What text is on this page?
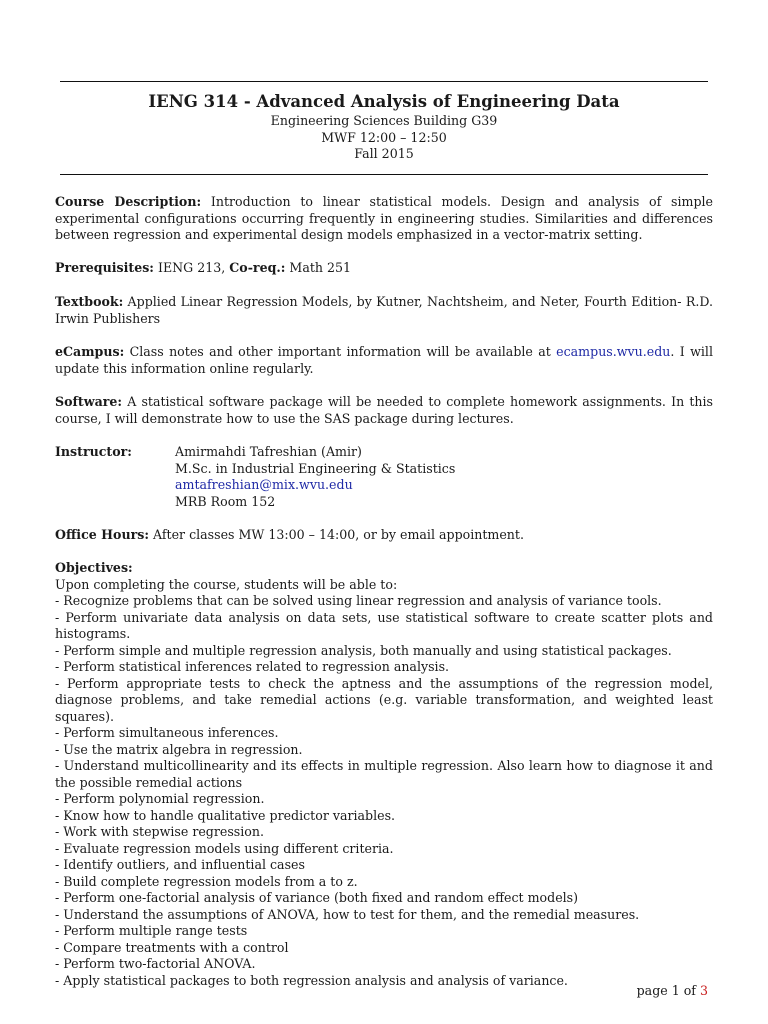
IENG 314 - Advanced Analysis of Engineering Data
Engineering Sciences Building G39
MWF 12:00 – 12:50
Fall 2015
Course Description: Introduction to linear statistical models. Design and analysis of simple experimental configurations occurring frequently in engineering studies. Similarities and differences between regression and experimental design models emphasized in a vector-matrix setting.
Prerequisites: IENG 213, Co-req.: Math 251
Textbook: Applied Linear Regression Models, by Kutner, Nachtsheim, and Neter, Fourth Edition- R.D. Irwin Publishers
eCampus: Class notes and other important information will be available at ecampus.wvu.edu. I will update this information online regularly.
Software: A statistical software package will be needed to complete homework assignments. In this course, I will demonstrate how to use the SAS package during lectures.
Instructor:	Amirmahdi Tafreshian (Amir)
M.Sc. in Industrial Engineering & Statistics
amtafreshian@mix.wvu.edu
MRB Room 152
Office Hours: After classes MW 13:00 – 14:00, or by email appointment.
Objectives:
Upon completing the course, students will be able to:
- Recognize problems that can be solved using linear regression and analysis of variance tools.
- Perform univariate data analysis on data sets, use statistical software to create scatter plots and histograms.
- Perform simple and multiple regression analysis, both manually and using statistical packages.
- Perform statistical inferences related to regression analysis.
- Perform appropriate tests to check the aptness and the assumptions of the regression model, diagnose problems, and take remedial actions (e.g. variable transformation, and weighted least squares).
- Perform simultaneous inferences.
- Use the matrix algebra in regression.
- Understand multicollinearity and its effects in multiple regression. Also learn how to diagnose it and the possible remedial actions
- Perform polynomial regression.
- Know how to handle qualitative predictor variables.
- Work with stepwise regression.
- Evaluate regression models using different criteria.
- Identify outliers, and influential cases
- Build complete regression models from a to z.
- Perform one-factorial analysis of variance (both fixed and random effect models)
- Understand the assumptions of ANOVA, how to test for them, and the remedial measures.
- Perform multiple range tests
- Compare treatments with a control
- Perform two-factorial ANOVA.
- Apply statistical packages to both regression analysis and analysis of variance.
page 1 of 3
